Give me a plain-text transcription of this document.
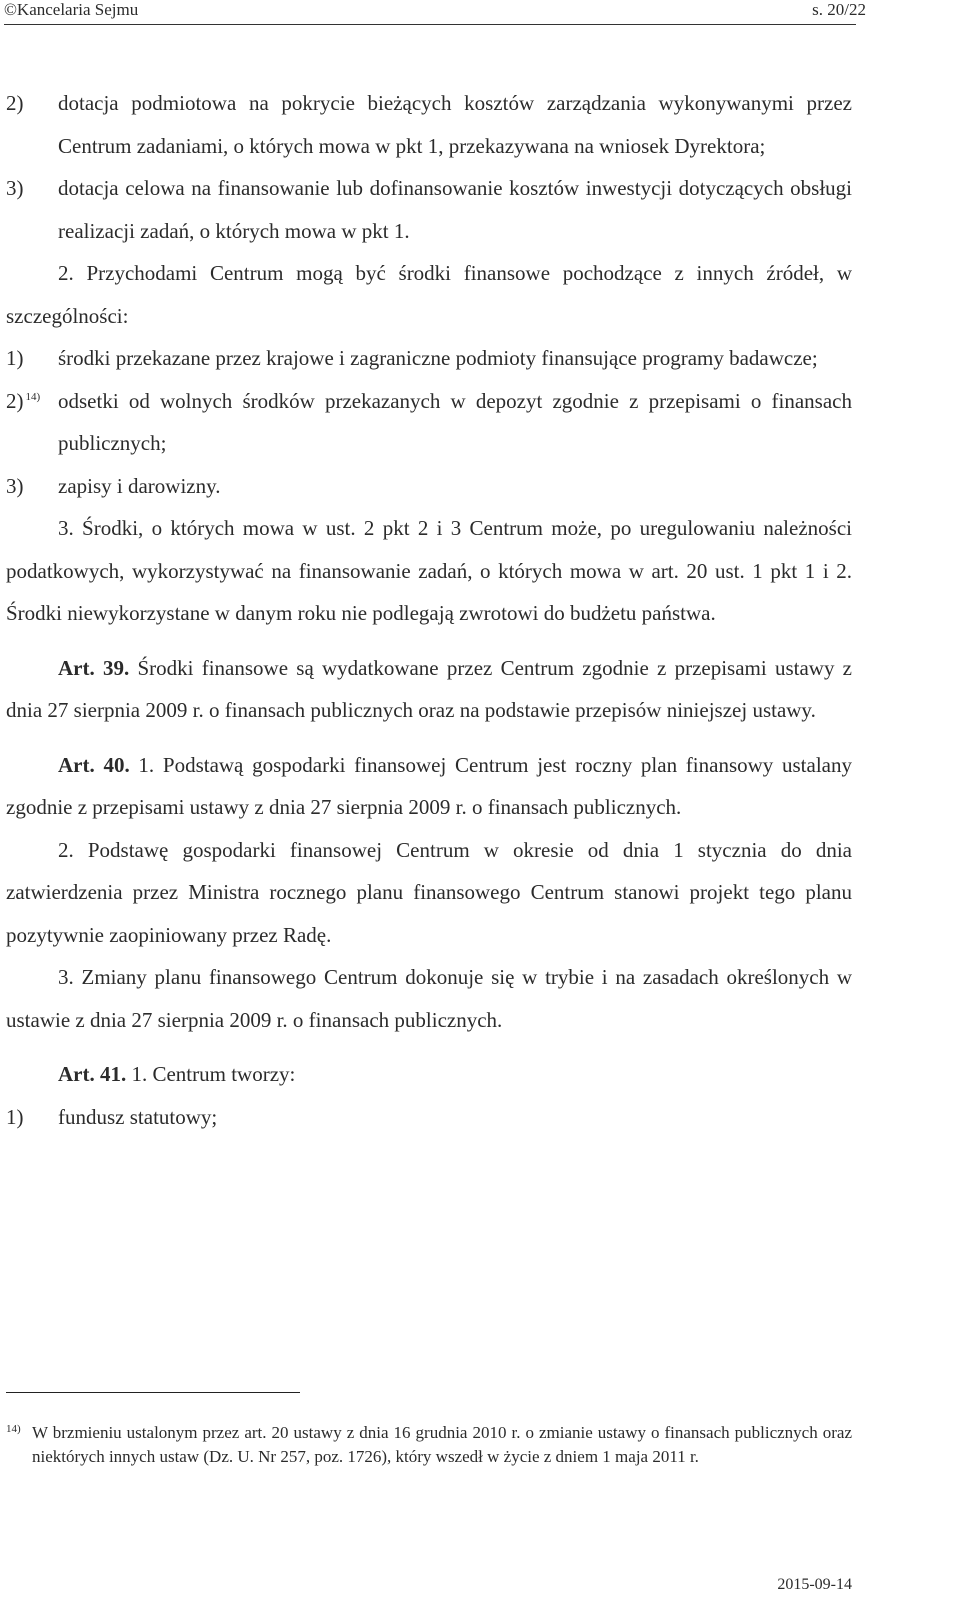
©Kancelaria Sejmu	s. 20/22
2) dotacja podmiotowa na pokrycie bieżących kosztów zarządzania wykonywanymi przez Centrum zadaniami, o których mowa w pkt 1, przekazywana na wniosek Dyrektora;
3) dotacja celowa na finansowanie lub dofinansowanie kosztów inwestycji dotyczących obsługi realizacji zadań, o których mowa w pkt 1.

2. Przychodami Centrum mogą być środki finansowe pochodzące z innych źródeł, w szczególności:

1) środki przekazane przez krajowe i zagraniczne podmioty finansujące programy badawcze;
2) $^{14)}$ odsetki od wolnych środków przekazanych w depozyt zgodnie z przepisami o finansach publicznych;
3) zapisy i darowizny.

3. Środki, o których mowa w ust. 2 pkt 2 i 3 Centrum może, po uregulowaniu należności podatkowych, wykorzystywać na finansowanie zadań, o których mowa w art. 20 ust. 1 pkt 1 i 2. Środki niewykorzystane w danym roku nie podlegają zwrotowi do budżetu państwa.

Art. 39. Środki finansowe są wydatkowane przez Centrum zgodnie z przepisami ustawy z dnia 27 sierpnia 2009 r. o finansach publicznych oraz na podstawie przepisów niniejszej ustawy.

Art. 40. 1. Podstawą gospodarki finansowej Centrum jest roczny plan finansowy ustalany zgodnie z przepisami ustawy z dnia 27 sierpnia 2009 r. o finansach publicznych.

2. Podstawę gospodarki finansowej Centrum w okresie od dnia 1 stycznia do dnia zatwierdzenia przez Ministra rocznego planu finansowego Centrum stanowi projekt tego planu pozytywnie zaopiniowany przez Radę.

3. Zmiany planu finansowego Centrum dokonuje się w trybie i na zasadach określonych w ustawie z dnia 27 sierpnia 2009 r. o finansach publicznych.

Art. 41. 1. Centrum tworzy:

1) fundusz statutowy;
14) W brzmieniu ustalonym przez art. 20 ustawy z dnia 16 grudnia 2010 r. o zmianie ustawy o finansach publicznych oraz niektórych innych ustaw (Dz. U. Nr 257, poz. 1726), który wszedł w życie z dniem 1 maja 2011 r.
2015-09-14
